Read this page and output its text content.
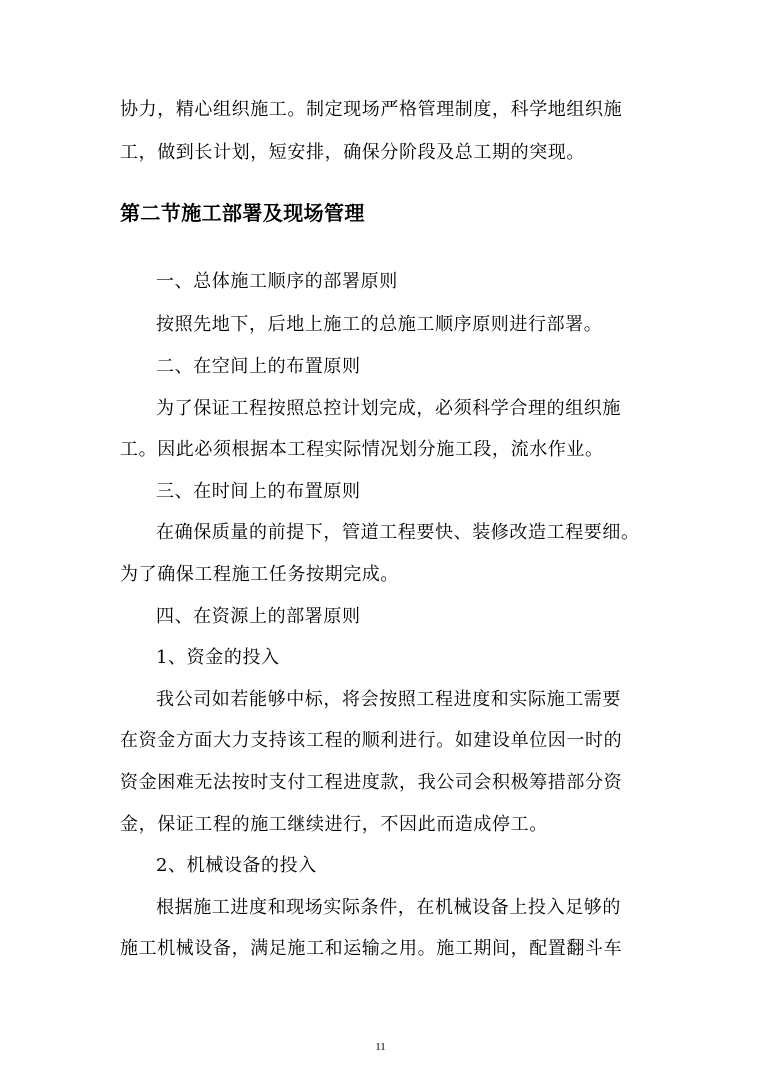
协力，精心组织施工。制定现场严格管理制度，科学地组织施
工，做到长计划，短安排，确保分阶段及总工期的突现。
第二节施工部署及现场管理
一、总体施工顺序的部署原则
按照先地下，后地上施工的总施工顺序原则进行部署。
二、在空间上的布置原则
为了保证工程按照总控计划完成，必须科学合理的组织施
工。因此必须根据本工程实际情况划分施工段，流水作业。
三、在时间上的布置原则
在确保质量的前提下，管道工程要快、装修改造工程要细。
为了确保工程施工任务按期完成。
四、在资源上的部署原则
1、资金的投入
我公司如若能够中标，将会按照工程进度和实际施工需要
在资金方面大力支持该工程的顺利进行。如建设单位因一时的
资金困难无法按时支付工程进度款，我公司会积极筹措部分资
金，保证工程的施工继续进行，不因此而造成停工。
2、机械设备的投入
根据施工进度和现场实际条件，在机械设备上投入足够的
施工机械设备，满足施工和运输之用。施工期间，配置翻斗车
11
